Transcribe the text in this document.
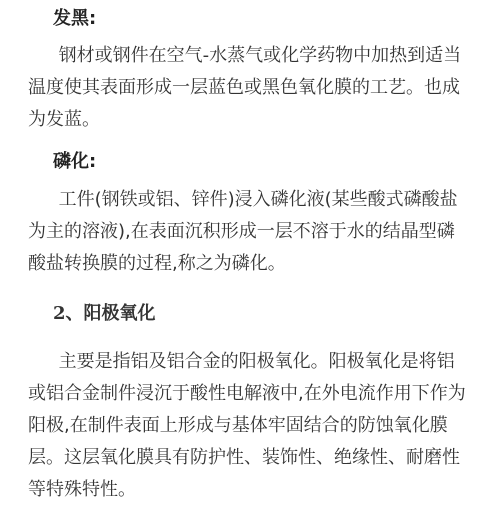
发黑:

钢材或钢件在空气-水蒸气或化学药物中加热到适当温度使其表面形成一层蓝色或黑色氧化膜的工艺。也成为发蓝。

磷化:

工件(钢铁或铝、锌件)浸入磷化液(某些酸式磷酸盐为主的溶液),在表面沉积形成一层不溶于水的结晶型磷酸盐转换膜的过程,称之为磷化。

2、阳极氧化

主要是指铝及铝合金的阳极氧化。阳极氧化是将铝或铝合金制件浸沉于酸性电解液中,在外电流作用下作为阳极,在制件表面上形成与基体牢固结合的防蚀氧化膜层。这层氧化膜具有防护性、装饰性、绝缘性、耐磨性等特殊特性。
